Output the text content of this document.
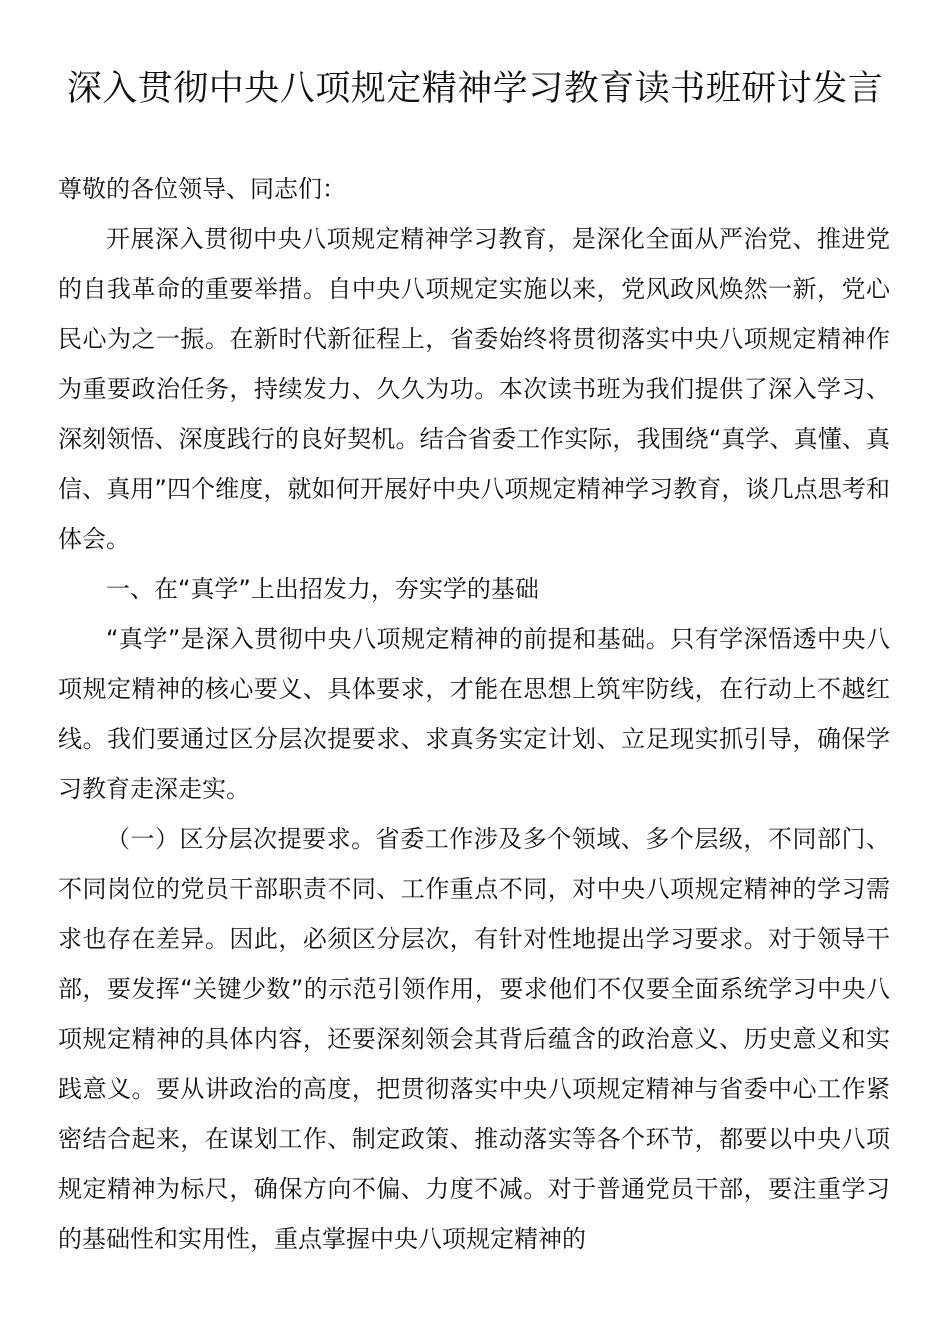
深入贯彻中央八项规定精神学习教育读书班研讨发言

尊敬的各位领导、同志们：

开展深入贯彻中央八项规定精神学习教育，是深化全面从严治党、推进党的自我革命的重要举措。自中央八项规定实施以来，党风政风焕然一新，党心民心为之一振。在新时代新征程上，省委始终将贯彻落实中央八项规定精神作为重要政治任务，持续发力、久久为功。本次读书班为我们提供了深入学习、深刻领悟、深度践行的良好契机。结合省委工作实际，我围绕“真学、真懂、真信、真用”四个维度，就如何开展好中央八项规定精神学习教育，谈几点思考和体会。

一、在“真学”上出招发力，夯实学的基础

“真学”是深入贯彻中央八项规定精神的前提和基础。只有学深悟透中央八项规定精神的核心要义、具体要求，才能在思想上筑牢防线，在行动上不越红线。我们要通过区分层次提要求、求真务实定计划、立足现实抓引导，确保学习教育走深走实。

（一）区分层次提要求。省委工作涉及多个领域、多个层级，不同部门、不同岗位的党员干部职责不同、工作重点不同，对中央八项规定精神的学习需求也存在差异。因此，必须区分层次，有针对性地提出学习要求。对于领导干部，要发挥“关键少数”的示范引领作用，要求他们不仅要全面系统学习中央八项规定精神的具体内容，还要深刻领会其背后蕴含的政治意义、历史意义和实践意义。要从讲政治的高度，把贯彻落实中央八项规定精神与省委中心工作紧密结合起来，在谋划工作、制定政策、推动落实等各个环节，都要以中央八项规定精神为标尺，确保方向不偏、力度不减。对于普通党员干部，要注重学习的基础性和实用性，重点掌握中央八项规定精神的
